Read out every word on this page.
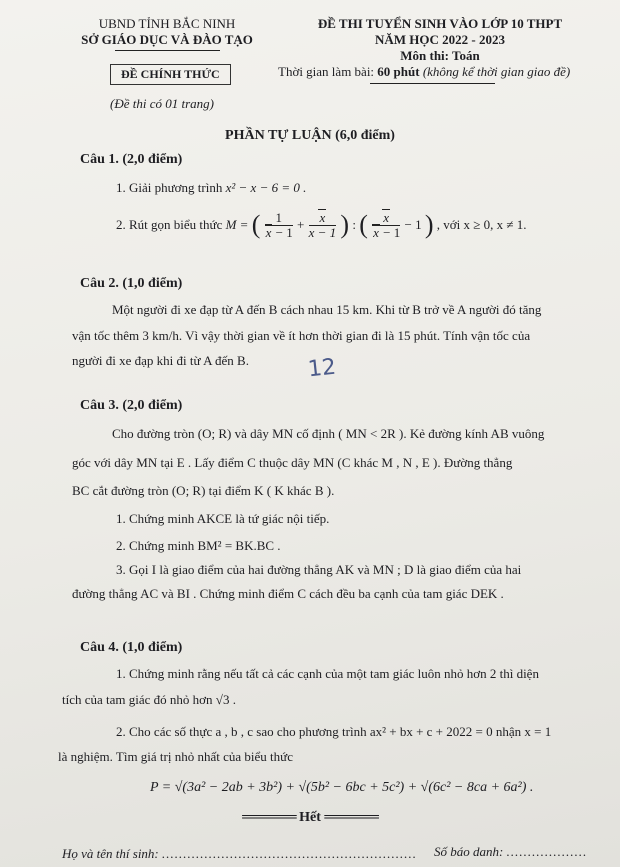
UBND TỈNH BẮC NINH
SỞ GIÁO DỤC VÀ ĐÀO TẠO
ĐỀ THI TUYỂN SINH VÀO LỚP 10 THPT
NĂM HỌC 2022 - 2023
Môn thi: Toán
ĐỀ CHÍNH THỨC	Thời gian làm bài: 60 phút (không kể thời gian giao đề)
(Đề thi có 01 trang)
PHẦN TỰ LUẬN (6,0 điểm)
Câu 1. (2,0 điểm)
1. Giải phương trình x² − x − 6 = 0 .
2. Rút gọn biểu thức M = ( $\frac{1}{x - 1} + \frac{x}{x - 1}$ ) : ( $\frac{x}{x - 1} - 1$ ) , với x ≥ 0, x ≠ 1.
Câu 2. (1,0 điểm)
Một người đi xe đạp từ A đến B cách nhau 15 km. Khi từ B trở về A người đó tăng
vận tốc thêm 3 km/h. Vì vậy thời gian về ít hơn thời gian đi là 15 phút. Tính vận tốc của
người đi xe đạp khi đi từ A đến B.	12
Câu 3. (2,0 điểm)
Cho đường tròn (O; R) và dây MN cố định ( MN < 2R ). Kẻ đường kính AB vuông
góc với dây MN tại E . Lấy điểm C thuộc dây MN (C khác M , N , E ). Đường thẳng
BC cắt đường tròn (O; R) tại điểm K ( K khác B ).
1. Chứng minh AKCE là tứ giác nội tiếp.
2. Chứng minh BM² = BK.BC .
3. Gọi I là giao điểm của hai đường thẳng AK và MN ; D là giao điểm của hai
đường thẳng AC và BI . Chứng minh điểm C cách đều ba cạnh của tam giác DEK .
Câu 4. (1,0 điểm)
1. Chứng minh rằng nếu tất cả các cạnh của một tam giác luôn nhỏ hơn 2 thì diện
tích của tam giác đó nhỏ hơn √3 .
2. Cho các số thực a , b , c sao cho phương trình ax² + bx + c + 2022 = 0 nhận x = 1
là nghiệm. Tìm giá trị nhỏ nhất của biểu thức
P = √(3a² − 2ab + 3b²) + √(5b² − 6bc + 5c²) + √(6c² − 8ca + 6a²) .
══════ Hết ══════
Họ và tên thí sinh: ............................................................ Số báo danh: ...................
